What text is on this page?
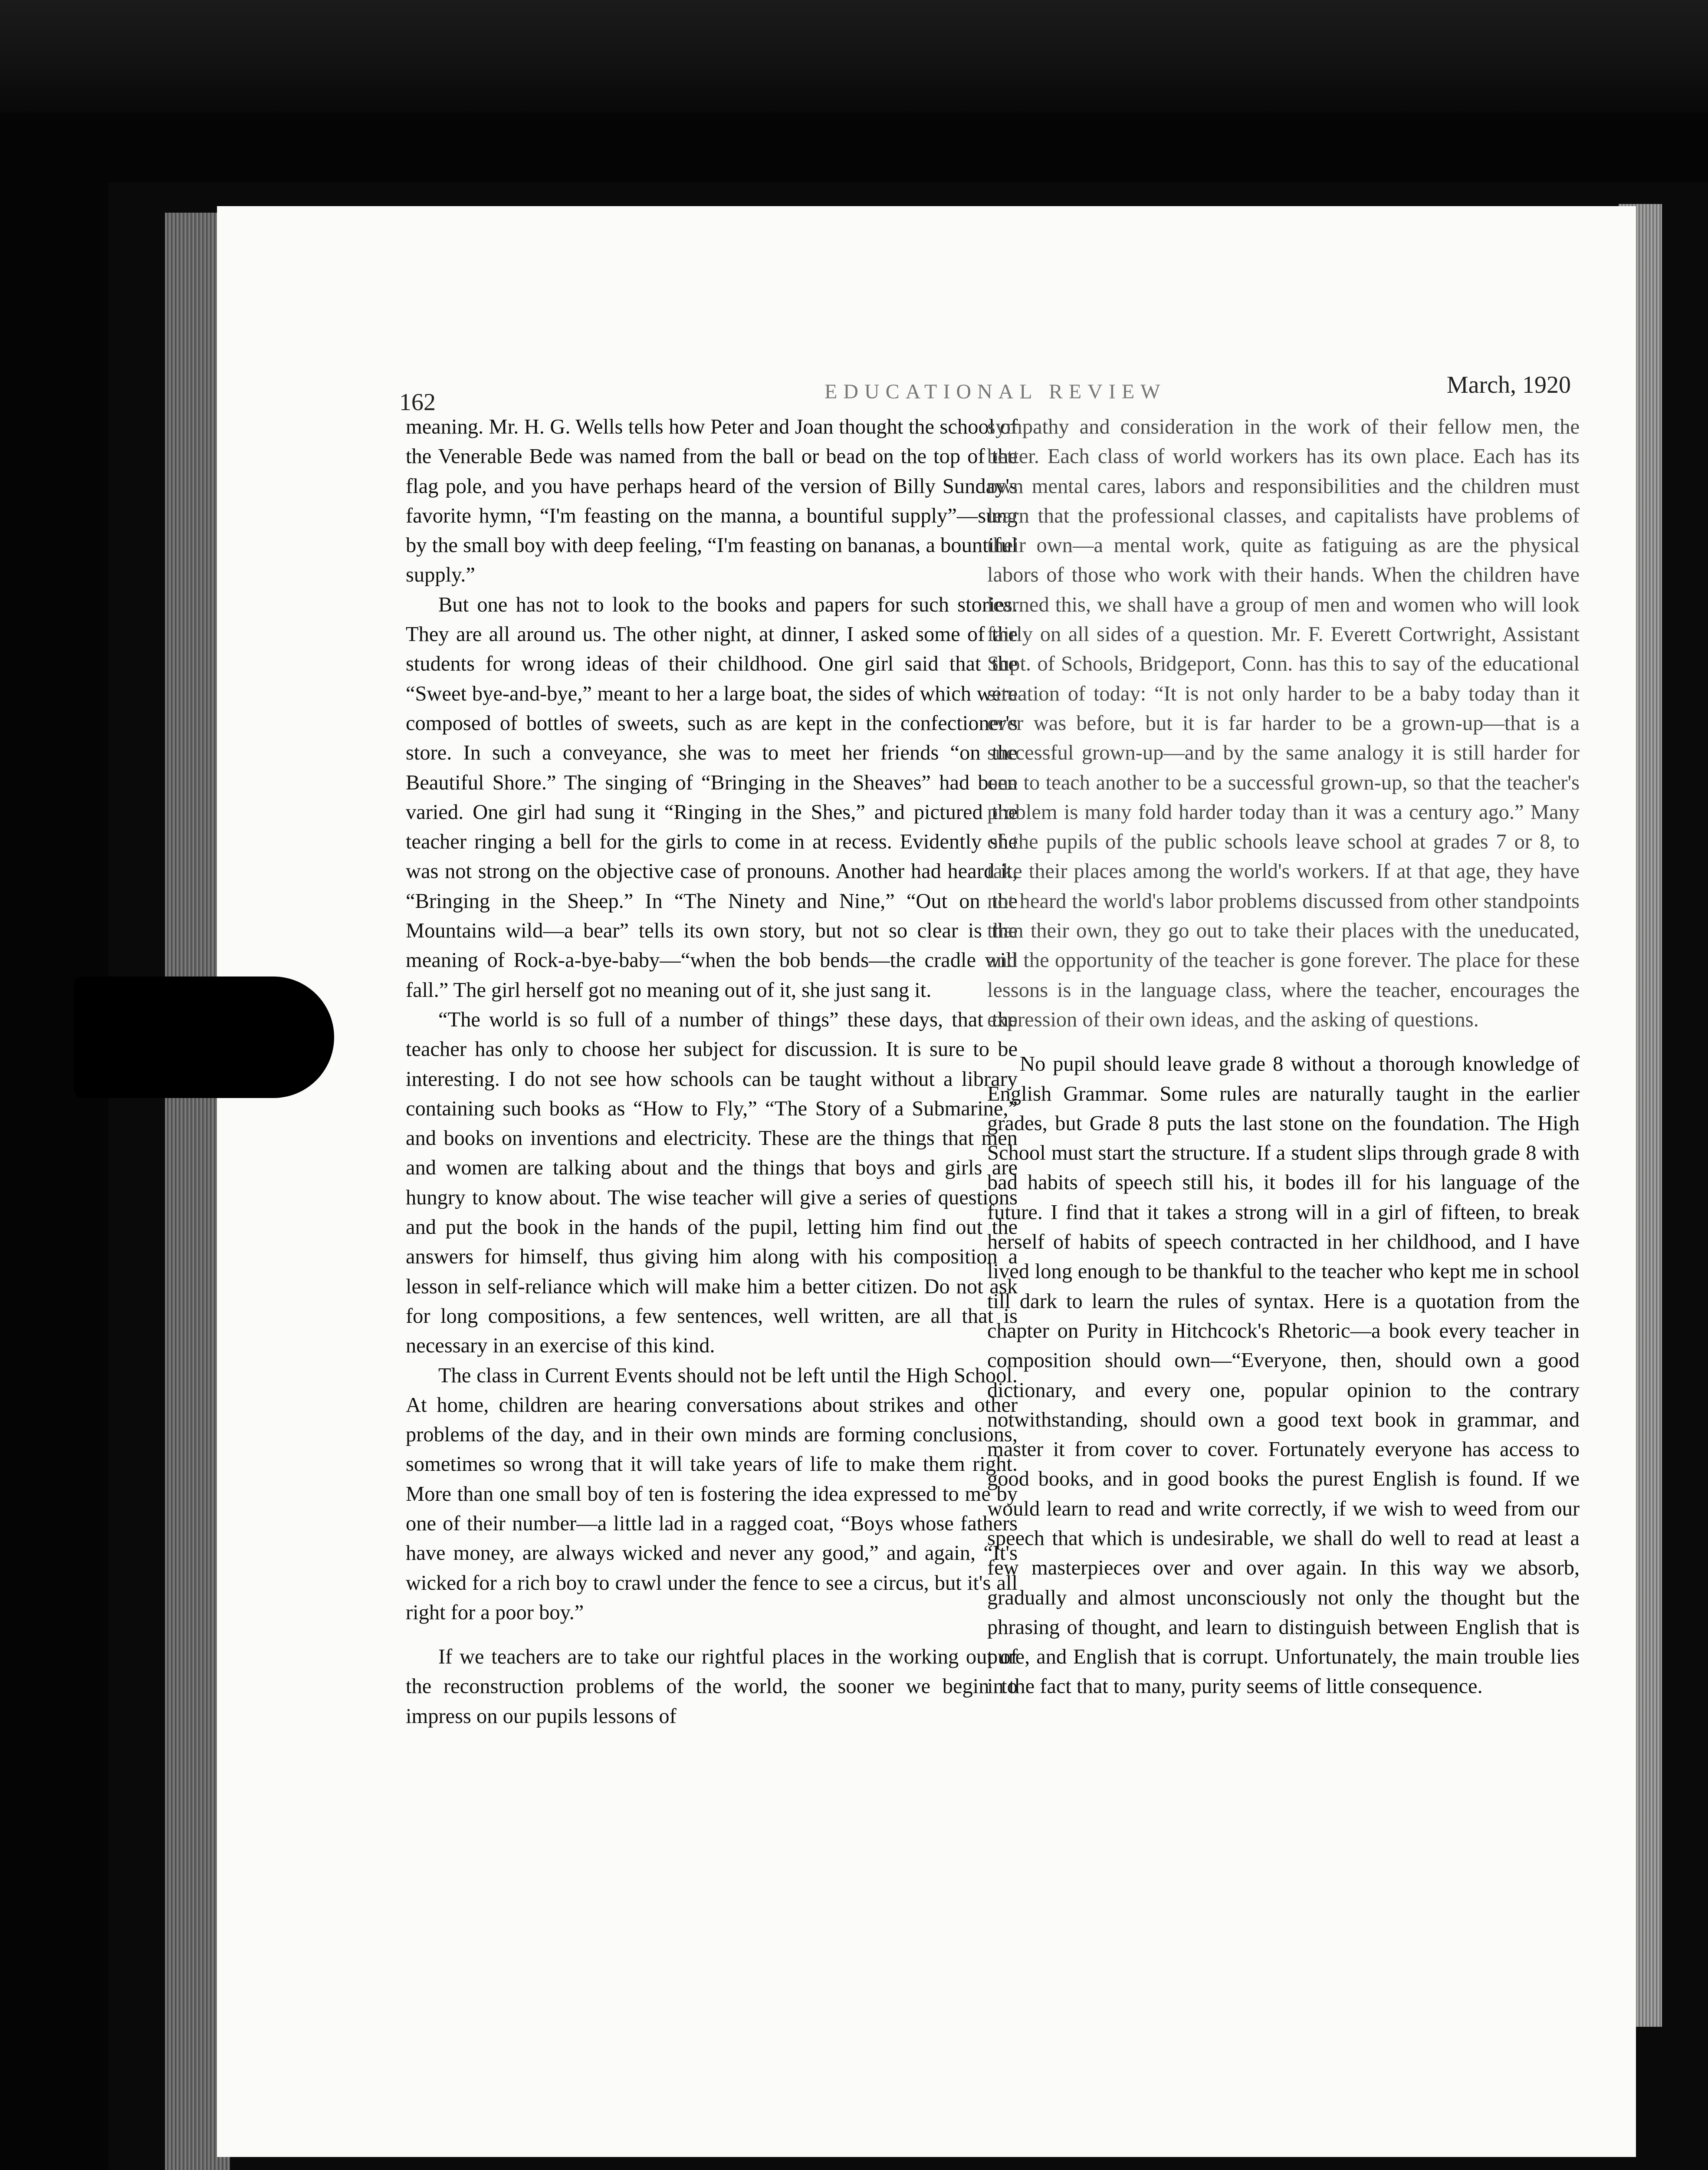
162	EDUCATIONAL REVIEW	March, 1920

meaning. Mr. H. G. Wells tells how Peter and Joan thought the school of the Venerable Bede was named from the ball or bead on the top of the flag pole, and you have perhaps heard of the version of Billy Sunday's favorite hymn, “I'm feasting on the manna, a bountiful supply”—sung by the small boy with deep feeling, “I'm feasting on bananas, a bountiful supply.”

But one has not to look to the books and papers for such stories. They are all around us. The other night, at dinner, I asked some of the students for wrong ideas of their childhood. One girl said that the “Sweet bye-and-bye,” meant to her a large boat, the sides of which were composed of bottles of sweets, such as are kept in the confectioner's store. In such a conveyance, she was to meet her friends “on the Beautiful Shore.” The singing of “Bringing in the Sheaves” had been varied. One girl had sung it “Ringing in the Shes,” and pictured the teacher ringing a bell for the girls to come in at recess. Evidently she was not strong on the objective case of pronouns. Another had heard it, “Bringing in the Sheep.” In “The Ninety and Nine,” “Out on the Mountains wild—a bear” tells its own story, but not so clear is the meaning of Rock-a-bye-baby—“when the bob bends—the cradle will fall.” The girl herself got no meaning out of it, she just sang it.

“The world is so full of a number of things” these days, that the teacher has only to choose her subject for discussion. It is sure to be interesting. I do not see how schools can be taught without a library containing such books as “How to Fly,” “The Story of a Submarine,” and books on inventions and electricity. These are the things that men and women are talking about and the things that boys and girls are hungry to know about. The wise teacher will give a series of questions and put the book in the hands of the pupil, letting him find out the answers for himself, thus giving him along with his composition a lesson in self-reliance which will make him a better citizen. Do not ask for long compositions, a few sentences, well written, are all that is necessary in an exercise of this kind.

The class in Current Events should not be left until the High School. At home, children are hearing conversations about strikes and other problems of the day, and in their own minds are forming conclusions, sometimes so wrong that it will take years of life to make them right. More than one small boy of ten is fostering the idea expressed to me by one of their number—a little lad in a ragged coat, “Boys whose fathers have money, are always wicked and never any good,” and again, “It's wicked for a rich boy to crawl under the fence to see a circus, but it's all right for a poor boy.”

If we teachers are to take our rightful places in the working out of the reconstruction problems of the world, the sooner we begin to impress on our pupils lessons of

sympathy and consideration in the work of their fellow men, the better. Each class of world workers has its own place. Each has its own mental cares, labors and responsibilities and the children must learn that the professional classes, and capitalists have problems of their own—a mental work, quite as fatiguing as are the physical labors of those who work with their hands. When the children have learned this, we shall have a group of men and women who will look fairly on all sides of a question. Mr. F. Everett Cortwright, Assistant Supt. of Schools, Bridgeport, Conn. has this to say of the educational situation of today: “It is not only harder to be a baby today than it ever was before, but it is far harder to be a grown-up—that is a successful grown-up—and by the same analogy it is still harder for one to teach another to be a successful grown-up, so that the teacher's problem is many fold harder today than it was a century ago.” Many of the pupils of the public schools leave school at grades 7 or 8, to take their places among the world's workers. If at that age, they have not heard the world's labor problems discussed from other standpoints than their own, they go out to take their places with the uneducated, and the opportunity of the teacher is gone forever. The place for these lessons is in the language class, where the teacher, encourages the expression of their own ideas, and the asking of questions.

No pupil should leave grade 8 without a thorough knowledge of English Grammar. Some rules are naturally taught in the earlier grades, but Grade 8 puts the last stone on the foundation. The High School must start the structure. If a student slips through grade 8 with bad habits of speech still his, it bodes ill for his language of the future. I find that it takes a strong will in a girl of fifteen, to break herself of habits of speech contracted in her childhood, and I have lived long enough to be thankful to the teacher who kept me in school till dark to learn the rules of syntax. Here is a quotation from the chapter on Purity in Hitchcock's Rhetoric—a book every teacher in composition should own—“Everyone, then, should own a good dictionary, and every one, popular opinion to the contrary notwithstanding, should own a good text book in grammar, and master it from cover to cover. Fortunately everyone has access to good books, and in good books the purest English is found. If we would learn to read and write correctly, if we wish to weed from our speech that which is undesirable, we shall do well to read at least a few masterpieces over and over again. In this way we absorb, gradually and almost unconsciously not only the thought but the phrasing of thought, and learn to distinguish between English that is pure, and English that is corrupt. Unfortunately, the main trouble lies in the fact that to many, purity seems of little consequence.
